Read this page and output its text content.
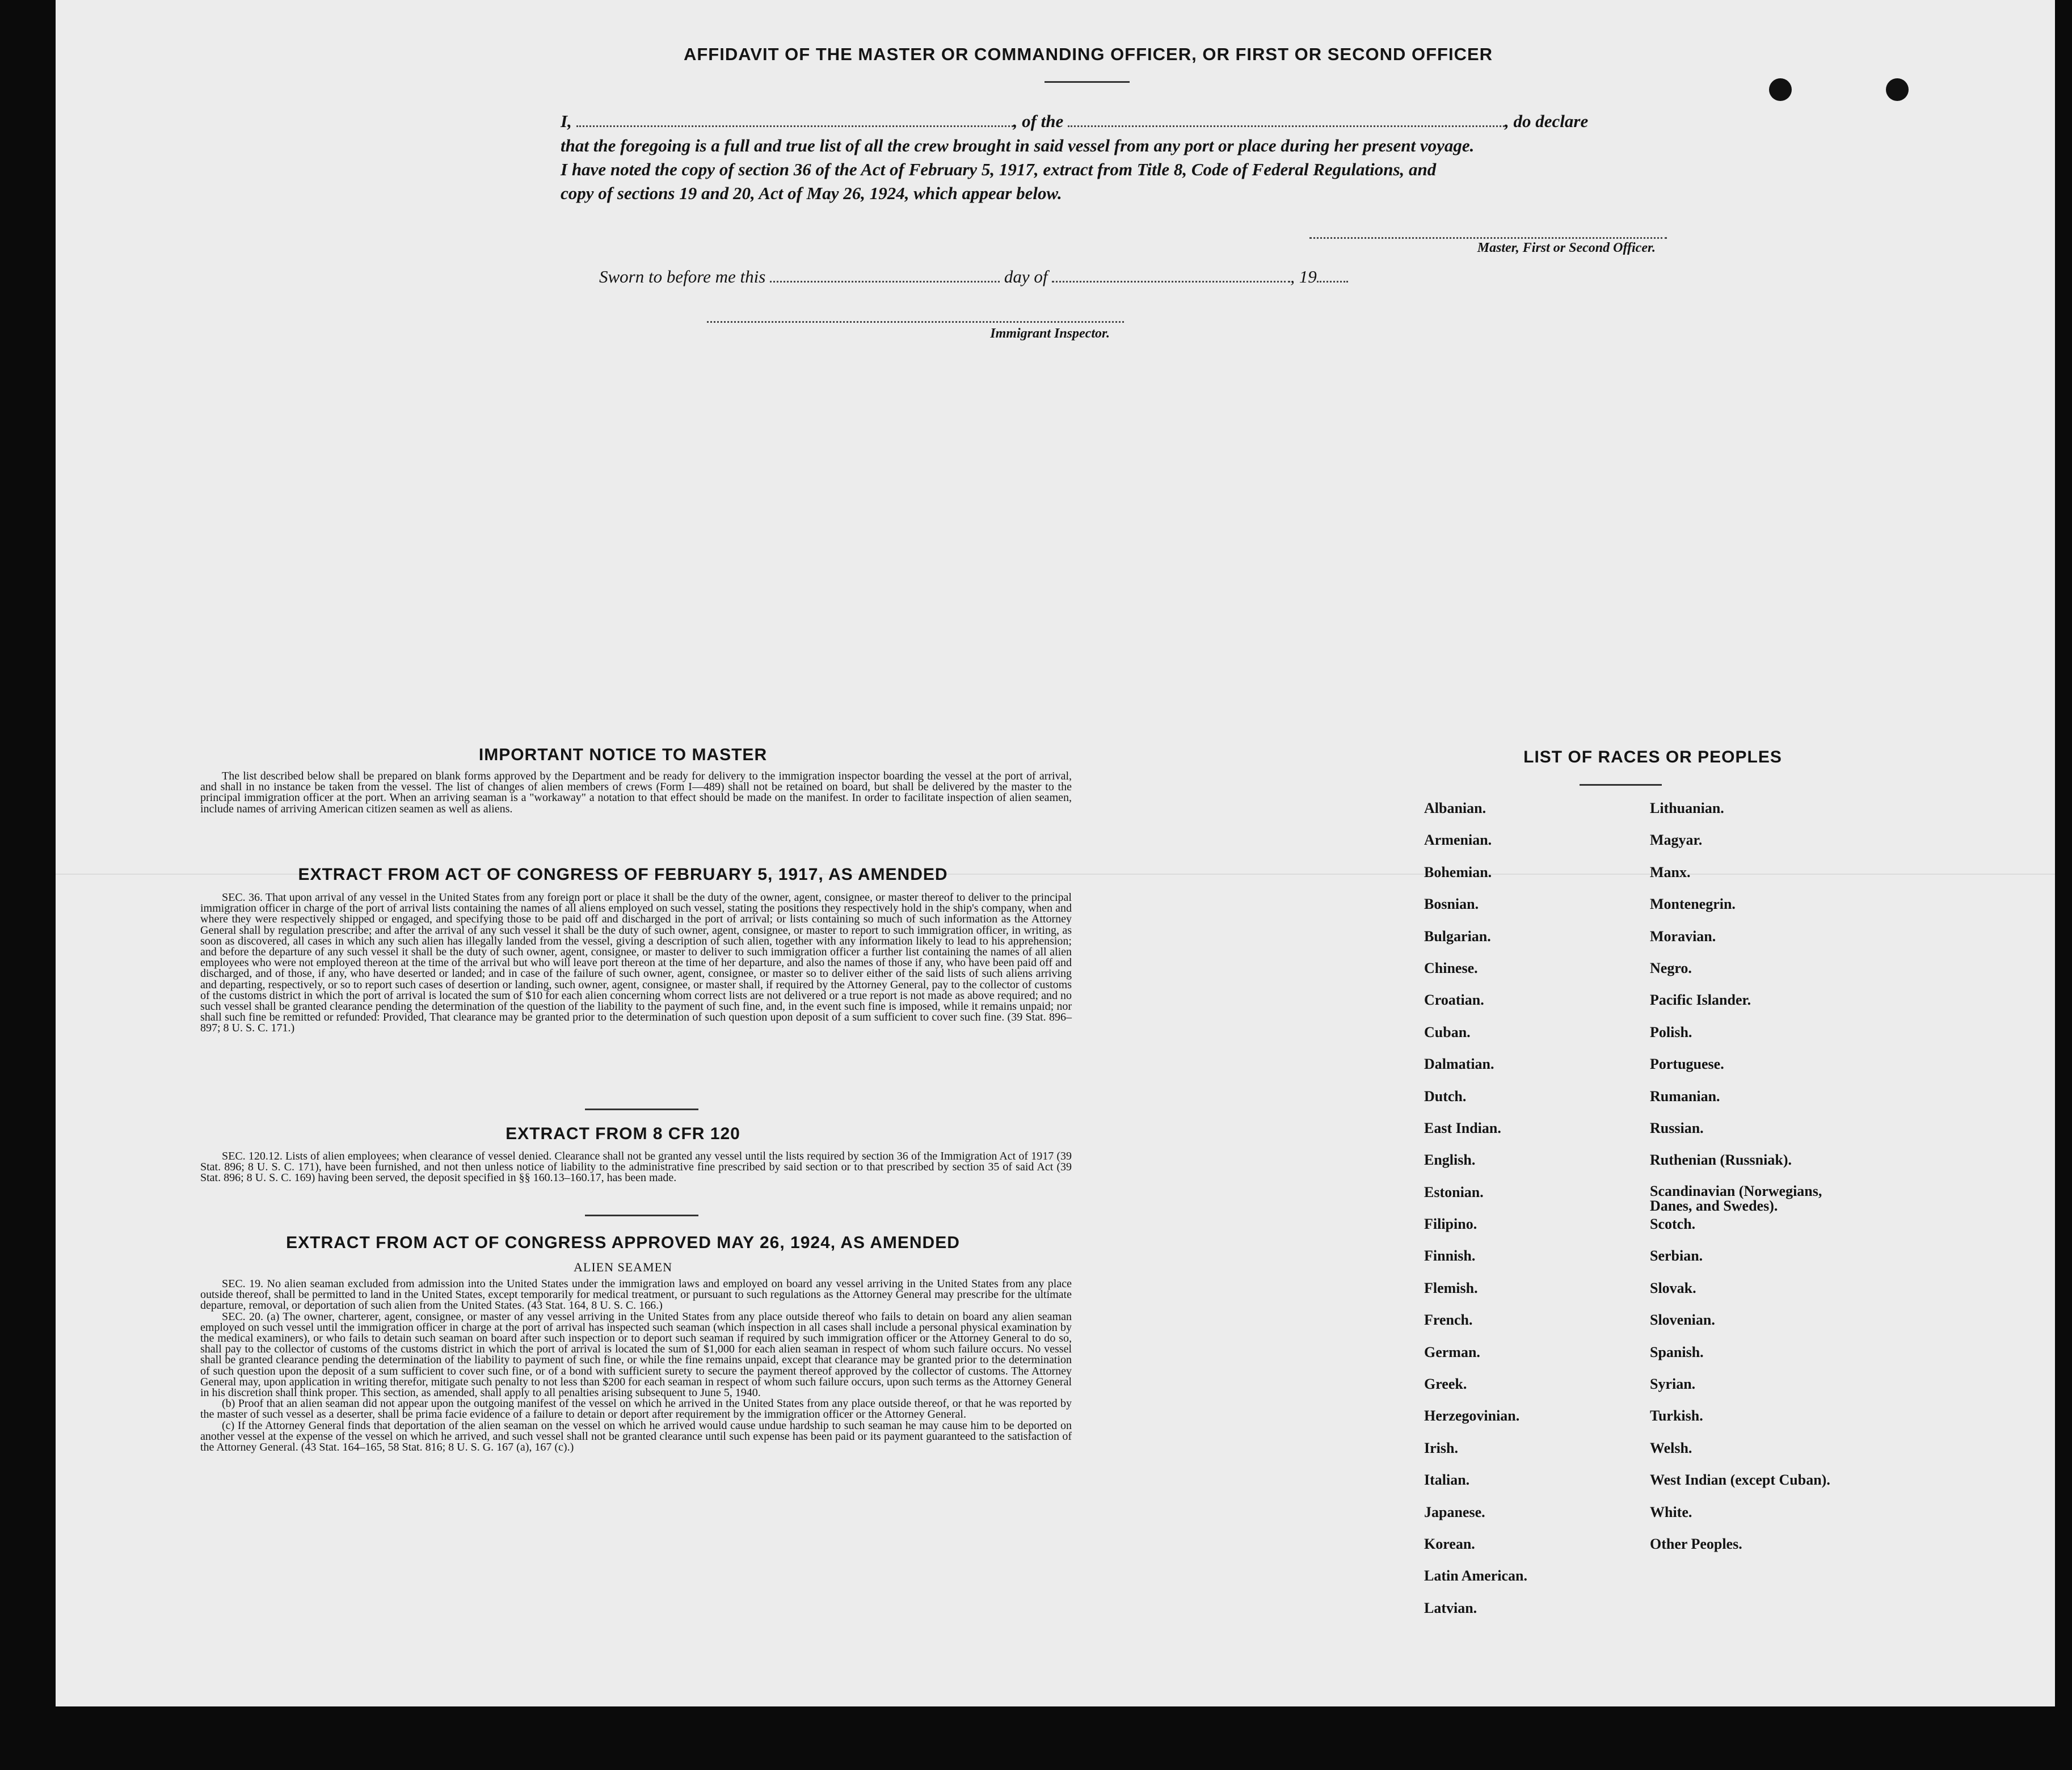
AFFIDAVIT OF THE MASTER OR COMMANDING OFFICER, OR FIRST OR SECOND OFFICER
I,	, of the	, do declare
that the foregoing is a full and true list of all the crew brought in said vessel from any port or place during her present voyage.
I have noted the copy of section 36 of the Act of February 5, 1917, extract from Title 8, Code of Federal Regulations, and
copy of sections 19 and 20, Act of May 26, 1924, which appear below.
Master, First or Second Officer.
Sworn to before me this	day of	, 19
Immigrant Inspector.
IMPORTANT NOTICE TO MASTER

The list described below shall be prepared on blank forms approved by the Department and be ready for delivery to the immigration inspector boarding the vessel at the port of arrival, and shall in no instance be taken from the vessel. The list of changes of alien members of crews (Form I—489) shall not be retained on board, but shall be delivered by the master to the principal immigration officer at the port. When an arriving seaman is a "workaway" a notation to that effect should be made on the manifest. In order to facilitate inspection of alien seamen, include names of arriving American citizen seamen as well as aliens.

EXTRACT FROM ACT OF CONGRESS OF FEBRUARY 5, 1917, AS AMENDED

SEC. 36. That upon arrival of any vessel in the United States from any foreign port or place it shall be the duty of the owner, agent, consignee, or master thereof to deliver to the principal immigration officer in charge of the port of arrival lists containing the names of all aliens employed on such vessel, stating the positions they respectively hold in the ship's company, when and where they were respectively shipped or engaged, and specifying those to be paid off and discharged in the port of arrival; or lists containing so much of such information as the Attorney General shall by regulation prescribe; and after the arrival of any such vessel it shall be the duty of such owner, agent, consignee, or master to report to such immigration officer, in writing, as soon as discovered, all cases in which any such alien has illegally landed from the vessel, giving a description of such alien, together with any information likely to lead to his apprehension; and before the departure of any such vessel it shall be the duty of such owner, agent, consignee, or master to deliver to such immigration officer a further list containing the names of all alien employees who were not employed thereon at the time of the arrival but who will leave port thereon at the time of her departure, and also the names of those if any, who have been paid off and discharged, and of those, if any, who have deserted or landed; and in case of the failure of such owner, agent, consignee, or master so to deliver either of the said lists of such aliens arriving and departing, respectively, or so to report such cases of desertion or landing, such owner, agent, consignee, or master shall, if required by the Attorney General, pay to the collector of customs of the customs district in which the port of arrival is located the sum of $10 for each alien concerning whom correct lists are not delivered or a true report is not made as above required; and no such vessel shall be granted clearance pending the determination of the question of the liability to the payment of such fine, and, in the event such fine is imposed, while it remains unpaid; nor shall such fine be remitted or refunded: Provided, That clearance may be granted prior to the determination of such question upon deposit of a sum sufficient to cover such fine. (39 Stat. 896–897; 8 U. S. C. 171.)

EXTRACT FROM 8 CFR 120

SEC. 120.12. Lists of alien employees; when clearance of vessel denied. Clearance shall not be granted any vessel until the lists required by section 36 of the Immigration Act of 1917 (39 Stat. 896; 8 U. S. C. 171), have been furnished, and not then unless notice of liability to the administrative fine prescribed by said section or to that prescribed by section 35 of said Act (39 Stat. 896; 8 U. S. C. 169) having been served, the deposit specified in §§ 160.13–160.17, has been made.

EXTRACT FROM ACT OF CONGRESS APPROVED MAY 26, 1924, AS AMENDED
ALIEN SEAMEN

SEC. 19. No alien seaman excluded from admission into the United States under the immigration laws and employed on board any vessel arriving in the United States from any place outside thereof, shall be permitted to land in the United States, except temporarily for medical treatment, or pursuant to such regulations as the Attorney General may prescribe for the ultimate departure, removal, or deportation of such alien from the United States. (43 Stat. 164, 8 U. S. C. 166.)

SEC. 20. (a) The owner, charterer, agent, consignee, or master of any vessel arriving in the United States from any place outside thereof who fails to detain on board any alien seaman employed on such vessel until the immigration officer in charge at the port of arrival has inspected such seaman (which inspection in all cases shall include a personal physical examination by the medical examiners), or who fails to detain such seaman on board after such inspection or to deport such seaman if required by such immigration officer or the Attorney General to do so, shall pay to the collector of customs of the customs district in which the port of arrival is located the sum of $1,000 for each alien seaman in respect of whom such failure occurs. No vessel shall be granted clearance pending the determination of the liability to payment of such fine, or while the fine remains unpaid, except that clearance may be granted prior to the determination of such question upon the deposit of a sum sufficient to cover such fine, or of a bond with sufficient surety to secure the payment thereof approved by the collector of customs. The Attorney General may, upon application in writing therefor, mitigate such penalty to not less than $200 for each seaman in respect of whom such failure occurs, upon such terms as the Attorney General in his discretion shall think proper. This section, as amended, shall apply to all penalties arising subsequent to June 5, 1940.

(b) Proof that an alien seaman did not appear upon the outgoing manifest of the vessel on which he arrived in the United States from any place outside thereof, or that he was reported by the master of such vessel as a deserter, shall be prima facie evidence of a failure to detain or deport after requirement by the immigration officer or the Attorney General.

(c) If the Attorney General finds that deportation of the alien seaman on the vessel on which he arrived would cause undue hardship to such seaman he may cause him to be deported on another vessel at the expense of the vessel on which he arrived, and such vessel shall not be granted clearance until such expense has been paid or its payment guaranteed to the satisfaction of the Attorney General. (43 Stat. 164–165, 58 Stat. 816; 8 U. S. G. 167 (a), 167 (c).)

LIST OF RACES OR PEOPLES
Albanian.
Armenian.
Bohemian.
Bosnian.
Bulgarian.
Chinese.
Croatian.
Cuban.
Dalmatian.
Dutch.
East Indian.
English.
Estonian.
Filipino.
Finnish.
Flemish.
French.
German.
Greek.
Herzegovinian.
Irish.
Italian.
Japanese.
Korean.
Latin American.
Latvian.
Lithuanian.
Magyar.
Manx.
Montenegrin.
Moravian.
Negro.
Pacific Islander.
Polish.
Portuguese.
Rumanian.
Russian.
Ruthenian (Russniak).
Scandinavian (Norwegians, Danes, and Swedes).
Scotch.
Serbian.
Slovak.
Slovenian.
Spanish.
Syrian.
Turkish.
Welsh.
West Indian (except Cuban).
White.
Other Peoples.
